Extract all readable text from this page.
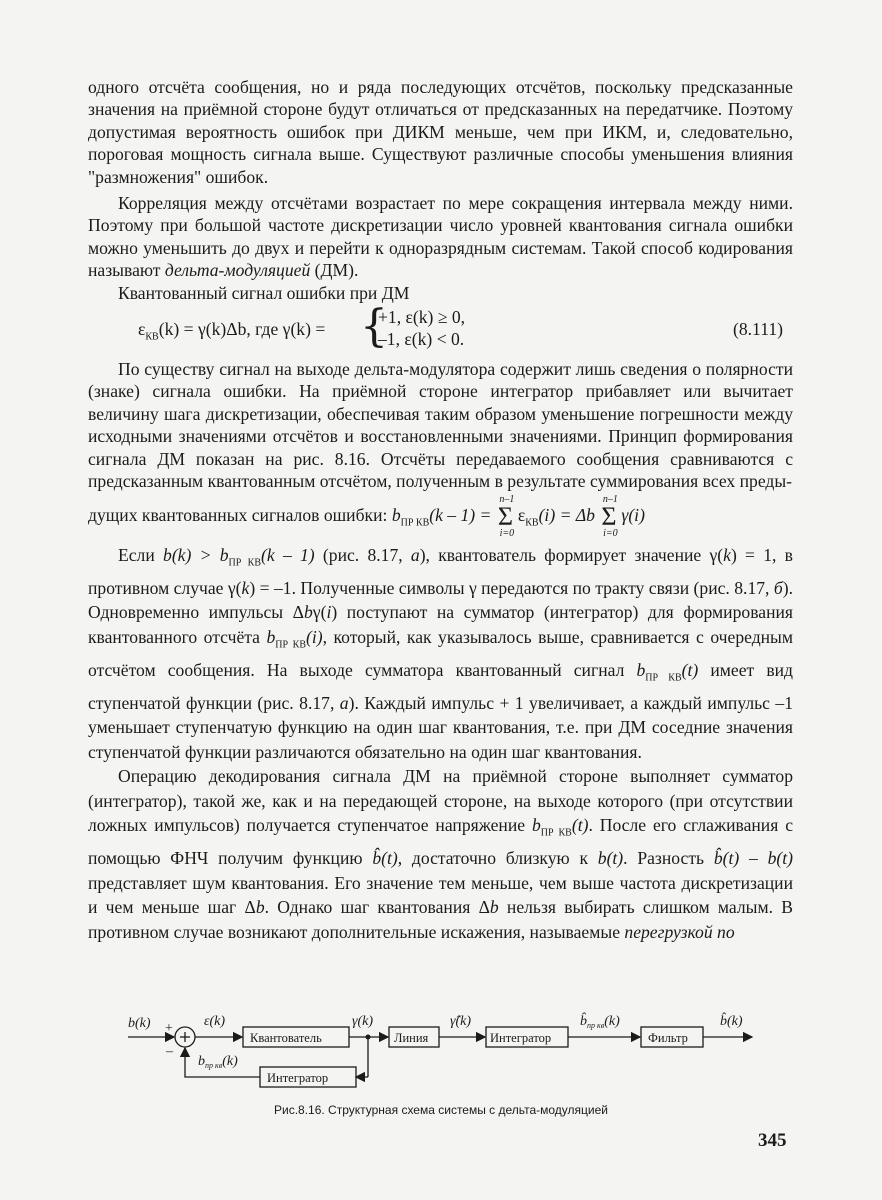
одного отсчёта сообщения, но и ряда последующих отсчётов, поскольку предсказанные значения на приёмной стороне будут отличаться от предсказанных на передатчике. Поэтому допустимая вероятность ошибок при ДИКМ меньше, чем при ИКМ, и, следовательно, пороговая мощность сигнала выше. Существуют различные способы уменьшения влияния "размножения" ошибок.

Корреляция между отсчётами возрастает по мере сокращения интервала между ними. Поэтому при большой частоте дискретизации число уровней квантования сигнала ошибки можно уменьшить до двух и перейти к одноразрядным системам. Такой способ кодирования называют дельта-модуляцией (ДМ).

Квантованный сигнал ошибки при ДМ

$\varepsilon_{КВ}(k) = \gamma(k)\Delta b$, где γ(k) = {
+1, ε(k) ≥ 0,
–1, ε(k) < 0.	(8.111)

По существу сигнал на выходе дельта-модулятора содержит лишь сведения о полярности (знаке) сигнала ошибки. На приёмной стороне интегратор прибавляет или вычитает величину шага дискретизации, обеспечивая таким образом уменьшение погрешности между исходными значениями отсчётов и восстановленными значениями. Принцип формирования сигнала ДМ показан на рис. 8.16. Отсчёты передаваемого сообщения сравниваются с предсказанным квантованным отсчётом, полученным в результате суммирования всех преды-

дущих квантованных сигналов ошибки: $b_{ПР КВ}(k - 1)$ =
n–1
Σ
i=0
$\varepsilon_{КВ}(i) = \Delta b$
n–1
Σ
i=0
γ(i)

Если $b(k) > b_{ПР КВ}(k - 1)$ (рис. 8.17, а), квантователь формирует значение γ(k) = 1, в противном случае γ(k) = –1. Полученные символы γ передаются по тракту связи (рис. 8.17, б). Одновременно импульсы Δbγ(i) поступают на сумматор (интегратор) для формирования квантованного отсчёта $b_{ПР КВ}(i)$, который, как указывалось выше, сравнивается с очередным отсчётом сообщения. На выходе сумматора квантованный сигнал $b_{ПР КВ}(t)$ имеет вид ступенчатой функции (рис. 8.17, а). Каждый импульс + 1 увеличивает, а каждый импульс –1 уменьшает ступенчатую функцию на один шаг квантования, т.е. при ДМ соседние значения ступенчатой функции различаются обязательно на один шаг квантования.

Операцию декодирования сигнала ДМ на приёмной стороне выполняет сумматор (интегратор), такой же, как и на передающей стороне, на выходе которого (при отсутствии ложных импульсов) получается ступенчатое напряжение $b_{ПР КВ}(t)$. После его сглаживания с помощью ФНЧ получим функцию b̂(t), достаточно близкую к b(t). Разность b̂(t) – b(t) представляет шум квантования. Его значение тем меньше, чем выше частота дискретизации и чем меньше шаг Δb. Однако шаг квантования Δb нельзя выбирать слишком малым. В противном случае возникают дополнительные искажения, называемые перегрузкой по

b(k) +
–
ε(k)
Квантователь
γ(k)
Линия
γ̂(k)
Интегратор
$b̂_{пр кв}(k)$
Фильтр
b̂(k)
$b_{пр кв}(k)$
Интегратор
Рис.8.16. Структурная схема системы с дельта-модуляцией
345
